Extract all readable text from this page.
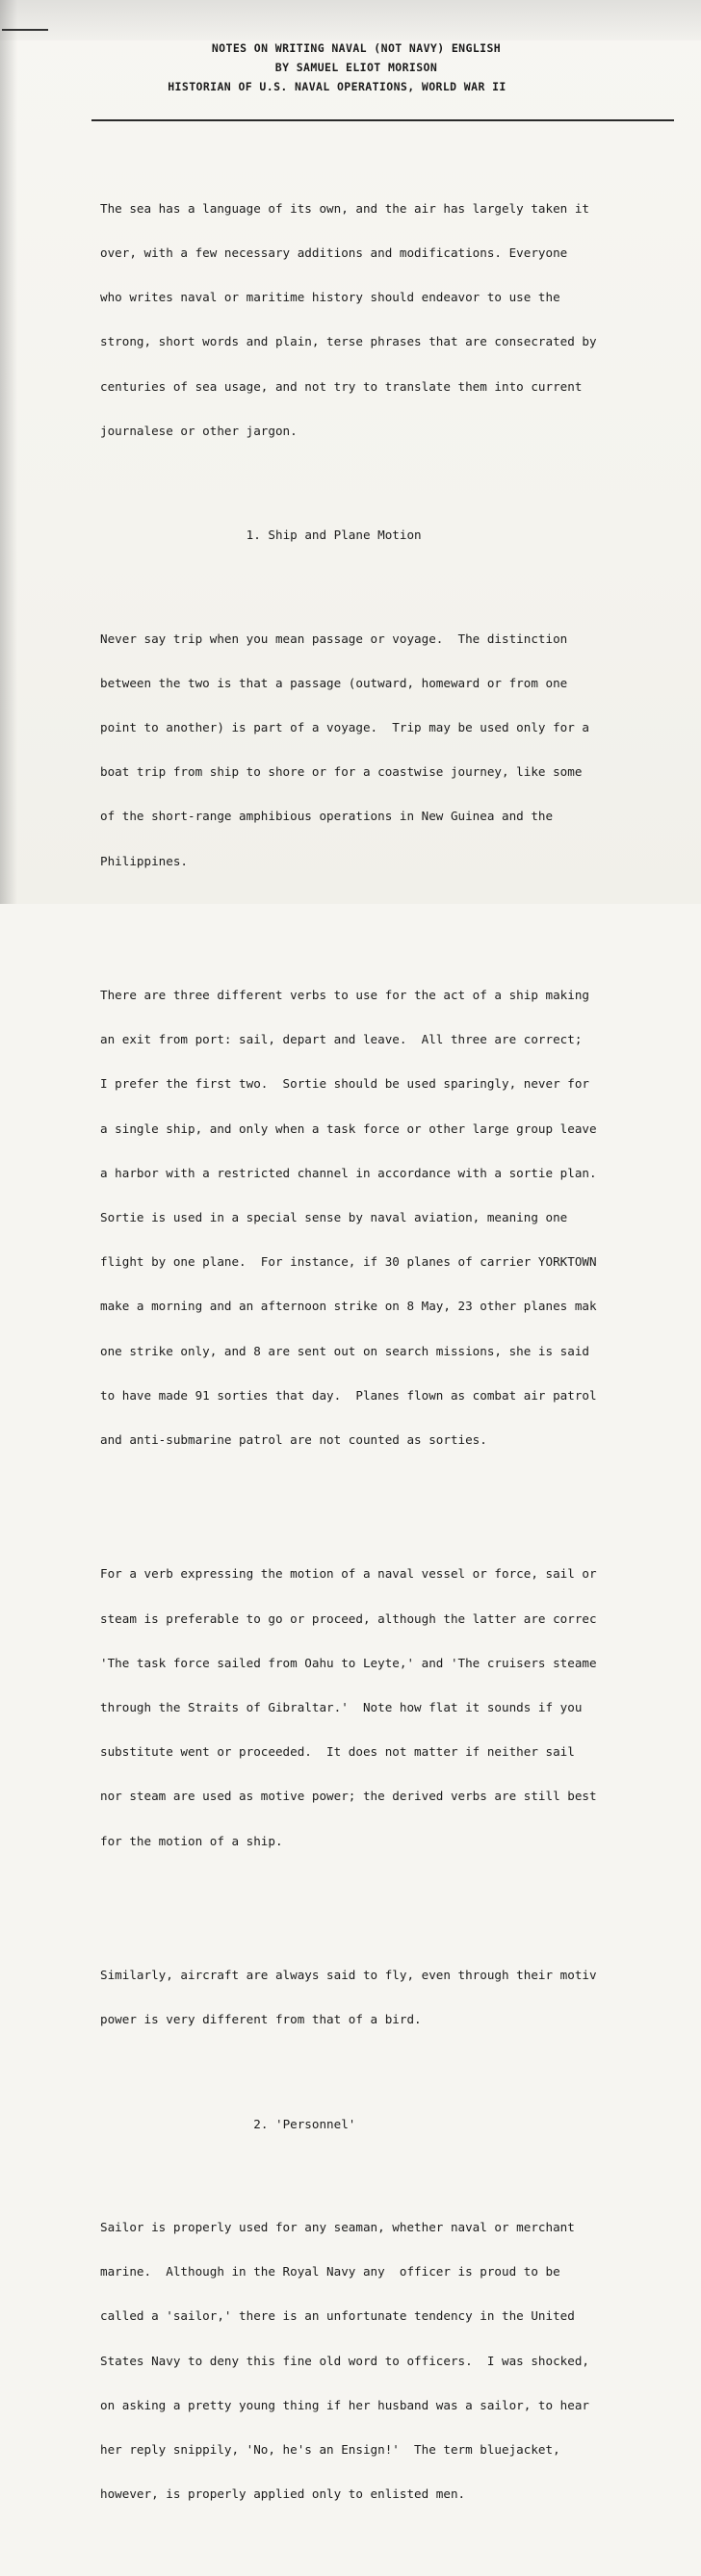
NOTES ON WRITING NAVAL (NOT NAVY) ENGLISH
BY SAMUEL ELIOT MORISON
HISTORIAN OF U.S. NAVAL OPERATIONS, WORLD WAR II

The sea has a language of its own, and the air has largely taken it

over, with a few necessary additions and modifications. Everyone

who writes naval or maritime history should endeavor to use the

strong, short words and plain, terse phrases that are consecrated by

centuries of sea usage, and not try to translate them into current

journalese or other jargon.

1. Ship and Plane Motion

Never say trip when you mean passage or voyage.  The distinction

between the two is that a passage (outward, homeward or from one

point to another) is part of a voyage.  Trip may be used only for a

boat trip from ship to shore or for a coastwise journey, like some

of the short-range amphibious operations in New Guinea and the

Philippines.

There are three different verbs to use for the act of a ship making

an exit from port: sail, depart and leave.  All three are correct;

I prefer the first two.  Sortie should be used sparingly, never for

a single ship, and only when a task force or other large group leave

a harbor with a restricted channel in accordance with a sortie plan.

Sortie is used in a special sense by naval aviation, meaning one

flight by one plane.  For instance, if 30 planes of carrier YORKTOWN

make a morning and an afternoon strike on 8 May, 23 other planes mak

one strike only, and 8 are sent out on search missions, she is said

to have made 91 sorties that day.  Planes flown as combat air patrol

and anti-submarine patrol are not counted as sorties.

For a verb expressing the motion of a naval vessel or force, sail or

steam is preferable to go or proceed, although the latter are correc

'The task force sailed from Oahu to Leyte,' and 'The cruisers steame

through the Straits of Gibraltar.'  Note how flat it sounds if you

substitute went or proceeded.  It does not matter if neither sail

nor steam are used as motive power; the derived verbs are still best

for the motion of a ship.

Similarly, aircraft are always said to fly, even through their motiv

power is very different from that of a bird.

2. 'Personnel'

Sailor is properly used for any seaman, whether naval or merchant

marine.  Although in the Royal Navy any  officer is proud to be

called a 'sailor,' there is an unfortunate tendency in the United

States Navy to deny this fine old word to officers.  I was shocked,

on asking a pretty young thing if her husband was a sailor, to hear

her reply snippily, 'No, he's an Ensign!'  The term bluejacket,

however, is properly applied only to enlisted men.
